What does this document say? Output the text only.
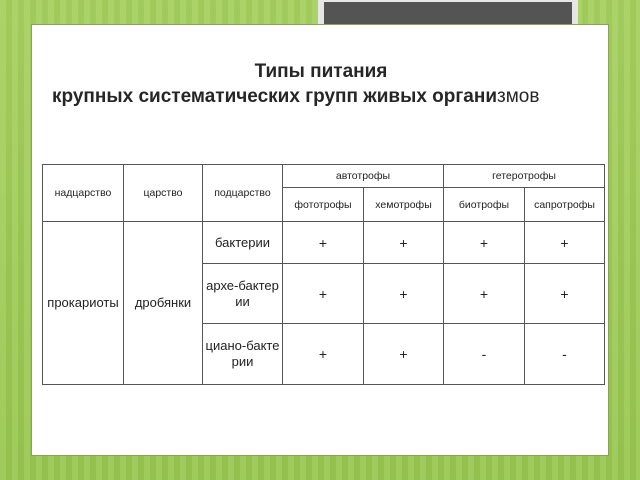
Типы питания
крупных систематических групп живых организмов
надцарство	царство	подцарство	автотрофы		гетеротрофы	
			фототрофы	хемотрофы	биотрофы	сапротрофы
прокариоты	дробянки	бактерии	+	+	+	+
		архе-бактерии	+	+	+	+
		циано-бактерии	+	+	-	-
